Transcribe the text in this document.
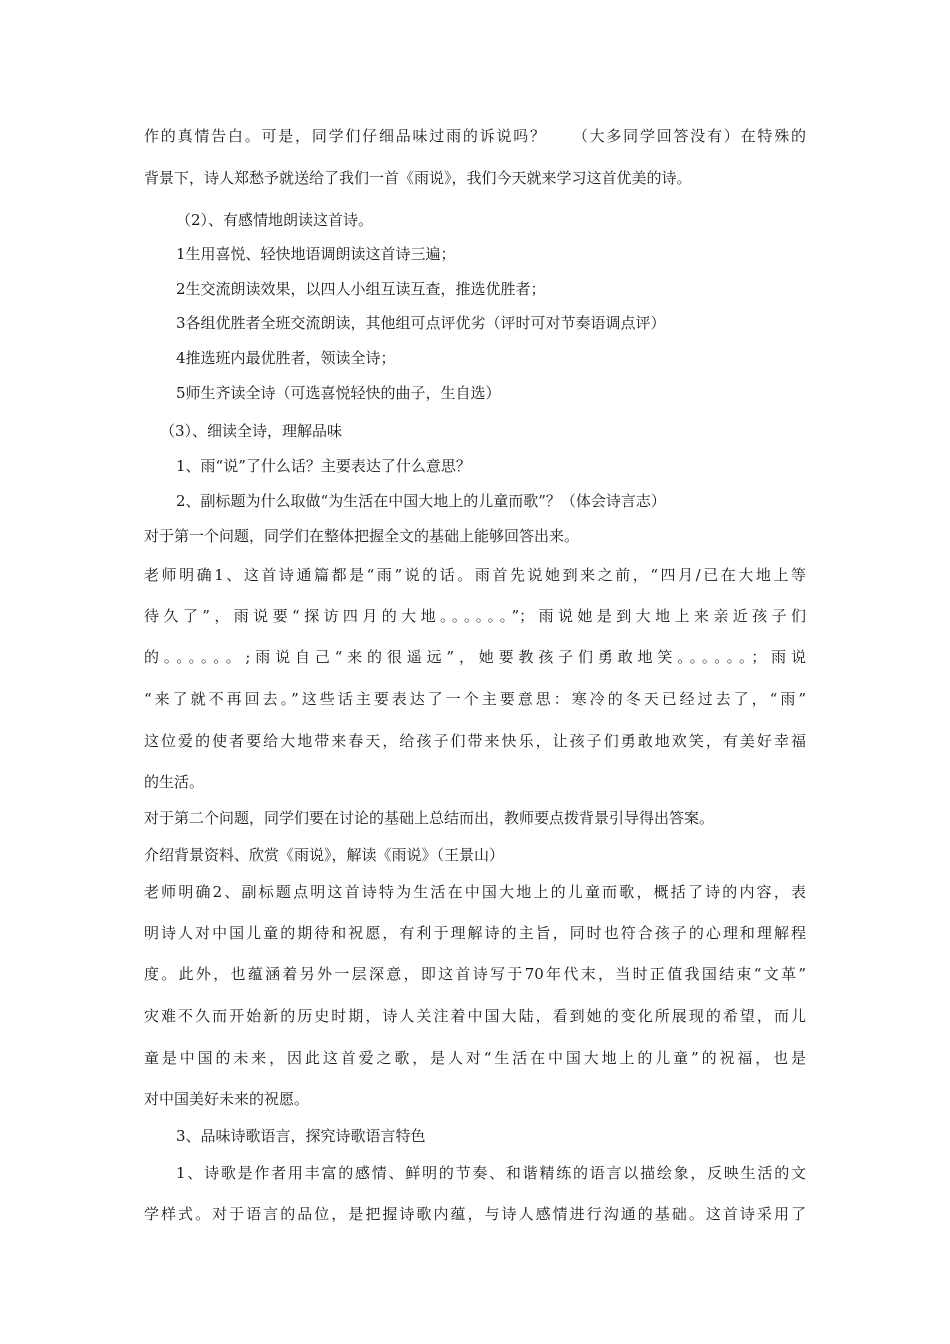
作的真情告白。可是，同学们仔细品味过雨的诉说吗？　　（大多同学回答没有）在特殊的
背景下，诗人郑愁予就送给了我们一首《雨说》，我们今天就来学习这首优美的诗。
（2）、有感情地朗读这首诗。
1生用喜悦、轻快地语调朗读这首诗三遍；
2生交流朗读效果，以四人小组互读互查，推选优胜者；
3各组优胜者全班交流朗读，其他组可点评优劣（评时可对节奏语调点评）
4推选班内最优胜者，领读全诗；
5师生齐读全诗（可选喜悦轻快的曲子，生自选）
（3）、细读全诗，理解品味
1、雨“说”了什么话？主要表达了什么意思？
2、副标题为什么取做“为生活在中国大地上的儿童而歌”？（体会诗言志）
对于第一个问题，同学们在整体把握全文的基础上能够回答出来。
老师明确1、这首诗通篇都是“雨”说的话。雨首先说她到来之前，“四月/已在大地上等
待久了”，雨说要“探访四月的大地。。。。。。”；雨说她是到大地上来亲近孩子们
的。。。。。。;雨说自己“来的很遥远”，她要教孩子们勇敢地笑。。。。。。；雨说
“来了就不再回去。”这些话主要表达了一个主要意思：寒冷的冬天已经过去了，“雨”
这位爱的使者要给大地带来春天，给孩子们带来快乐，让孩子们勇敢地欢笑，有美好幸福
的生活。
对于第二个问题，同学们要在讨论的基础上总结而出，教师要点拨背景引导得出答案。
介绍背景资料、欣赏《雨说》，解读《雨说》（王景山）
老师明确2、副标题点明这首诗特为生活在中国大地上的儿童而歌，概括了诗的内容，表
明诗人对中国儿童的期待和祝愿，有利于理解诗的主旨，同时也符合孩子的心理和理解程
度。此外，也蕴涵着另外一层深意，即这首诗写于70年代末，当时正值我国结束“文革”
灾难不久而开始新的历史时期，诗人关注着中国大陆，看到她的变化所展现的希望，而儿
童是中国的未来，因此这首爱之歌，是人对“生活在中国大地上的儿童”的祝福，也是
对中国美好未来的祝愿。
3、品味诗歌语言，探究诗歌语言特色
1、诗歌是作者用丰富的感情、鲜明的节奏、和谐精练的语言以描绘象，反映生活的文
学样式。对于语言的品位，是把握诗歌内蕴，与诗人感情进行沟通的基础。这首诗采用了
